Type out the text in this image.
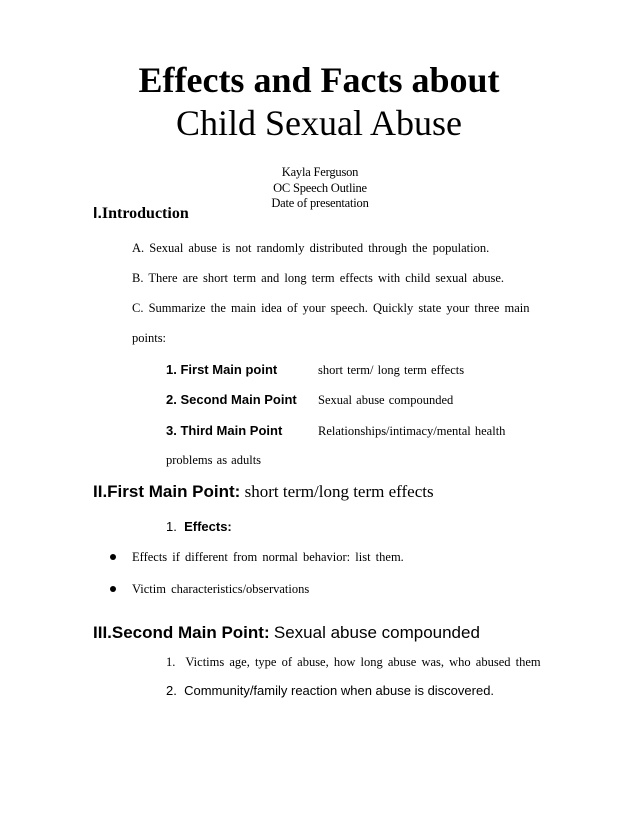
Effects and Facts about
Child Sexual Abuse
Kayla Ferguson
OC Speech Outline
Date of presentation
I.Introduction
A. Sexual abuse is not randomly distributed through the population.
B. There are short term and long term effects with child sexual abuse.
C. Summarize the main idea of your speech. Quickly state your three main
points:
1. First Main point	short term/ long term effects
2. Second Main Point Sexual abuse compounded
3. Third Main Point	Relationships/intimacy/mental health
problems as adults
II.First Main Point: short term/long term effects
1. Effects:
Effects if different from normal behavior: list them.
Victim characteristics/observations
III.Second Main Point: Sexual abuse compounded
1. Victims age, type of abuse, how long abuse was, who abused them
2. Community/family reaction when abuse is discovered.
